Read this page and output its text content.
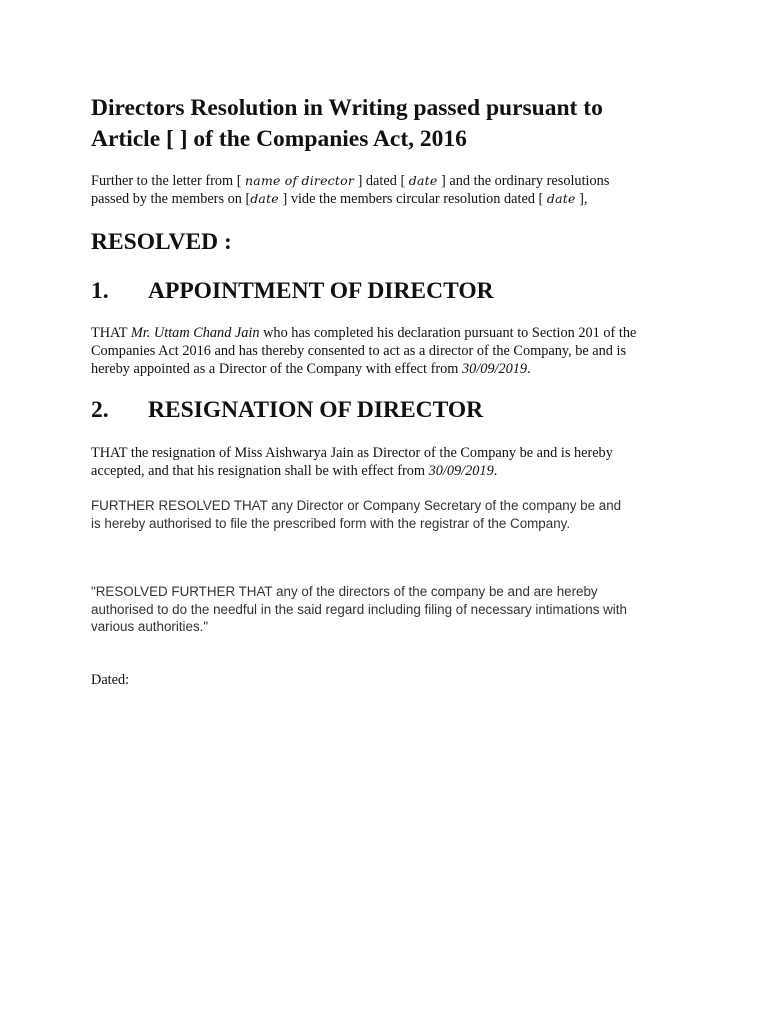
Directors Resolution in Writing passed pursuant to
Article [ ] of the Companies Act, 2016

Further to the letter from [ name of director ] dated [ date ] and the ordinary resolutions
passed by the members on [date ] vide the members circular resolution dated [ date ],

RESOLVED :
1. APPOINTMENT OF DIRECTOR

THAT Mr. Uttam Chand Jain who has completed his declaration pursuant to Section 201 of the
Companies Act 2016 and has thereby consented to act as a director of the Company, be and is
hereby appointed as a Director of the Company with effect from 30/09/2019.

2. RESIGNATION OF DIRECTOR

THAT the resignation of Miss Aishwarya Jain as Director of the Company be and is hereby
accepted, and that his resignation shall be with effect from 30/09/2019.

FURTHER RESOLVED THAT any Director or Company Secretary of the company be and
is hereby authorised to file the prescribed form with the registrar of the Company.

"RESOLVED FURTHER THAT any of the directors of the company be and are hereby
authorised to do the needful in the said regard including filing of necessary intimations with
various authorities."

Dated:
